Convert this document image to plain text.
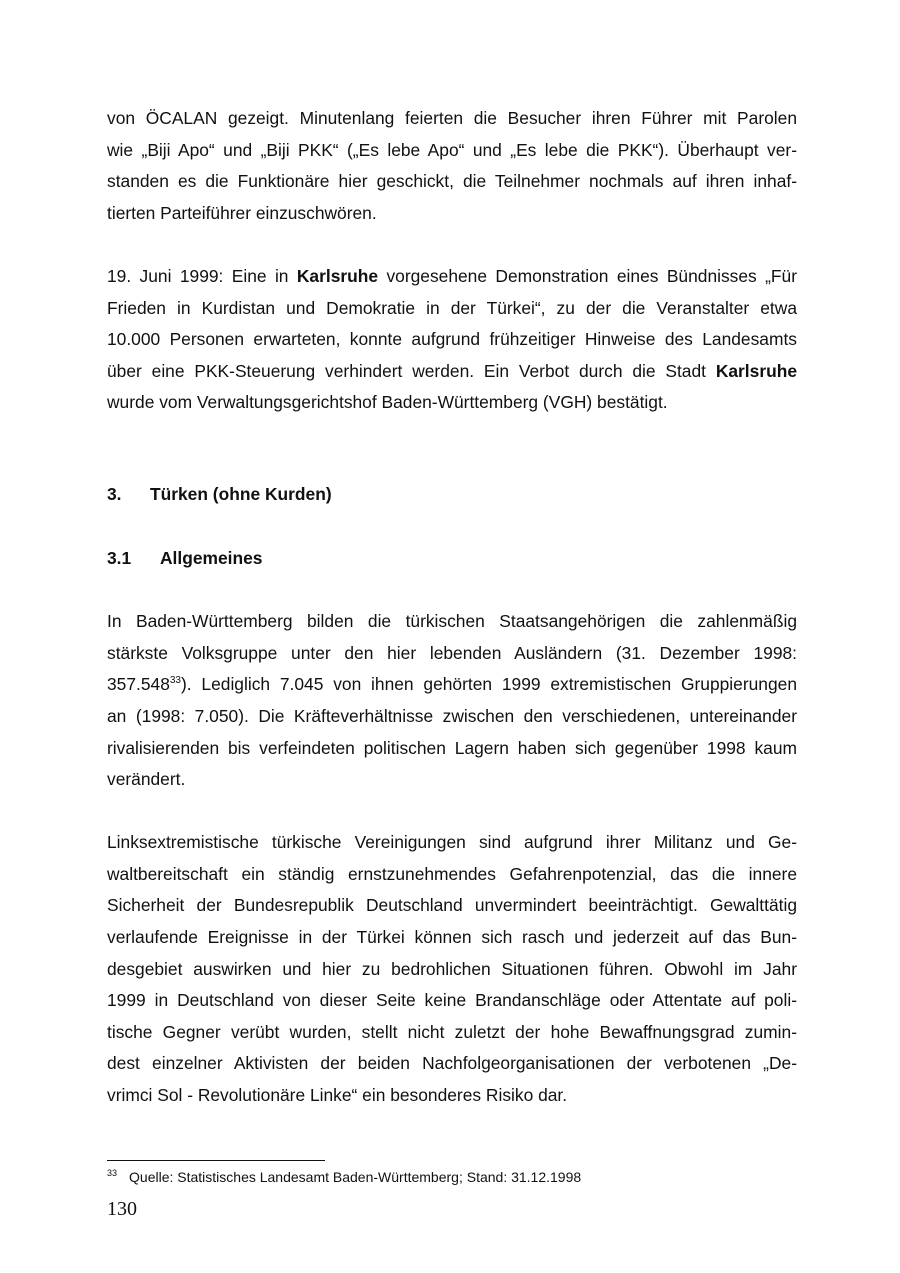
von ÖCALAN gezeigt. Minutenlang feierten die Besucher ihren Führer mit Parolen
wie „Biji Apo“ und „Biji PKK“ („Es lebe Apo“ und „Es lebe die PKK“). Überhaupt ver-
standen es die Funktionäre hier geschickt, die Teilnehmer nochmals auf ihren inhaf-
tierten Parteiführer einzuschwören.

19. Juni 1999: Eine in Karlsruhe vorgesehene Demonstration eines Bündnisses „Für
Frieden in Kurdistan und Demokratie in der Türkei“, zu der die Veranstalter etwa
10.000 Personen erwarteten, konnte aufgrund frühzeitiger Hinweise des Landesamts
über eine PKK-Steuerung verhindert werden. Ein Verbot durch die Stadt Karlsruhe
wurde vom Verwaltungsgerichtshof Baden-Württemberg (VGH) bestätigt.

3. Türken (ohne Kurden)
3.1 Allgemeines

In Baden-Württemberg bilden die türkischen Staatsangehörigen die zahlenmäßig
stärkste Volksgruppe unter den hier lebenden Ausländern (31. Dezember 1998:
357.548$^{33}$). Lediglich 7.045 von ihnen gehörten 1999 extremistischen Gruppierungen
an (1998: 7.050). Die Kräfteverhältnisse zwischen den verschiedenen, untereinander
rivalisierenden bis verfeindeten politischen Lagern haben sich gegenüber 1998 kaum
verändert.

Linksextremistische türkische Vereinigungen sind aufgrund ihrer Militanz und Ge-
waltbereitschaft ein ständig ernstzunehmendes Gefahrenpotenzial, das die innere
Sicherheit der Bundesrepublik Deutschland unvermindert beeinträchtigt. Gewalttätig
verlaufende Ereignisse in der Türkei können sich rasch und jederzeit auf das Bun-
desgebiet auswirken und hier zu bedrohlichen Situationen führen. Obwohl im Jahr
1999 in Deutschland von dieser Seite keine Brandanschläge oder Attentate auf poli-
tische Gegner verübt wurden, stellt nicht zuletzt der hohe Bewaffnungsgrad zumin-
dest einzelner Aktivisten der beiden Nachfolgeorganisationen der verbotenen „De-
vrimci Sol - Revolutionäre Linke“ ein besonderes Risiko dar.

$^{33}$ Quelle: Statistisches Landesamt Baden-Württemberg; Stand: 31.12.1998
130
